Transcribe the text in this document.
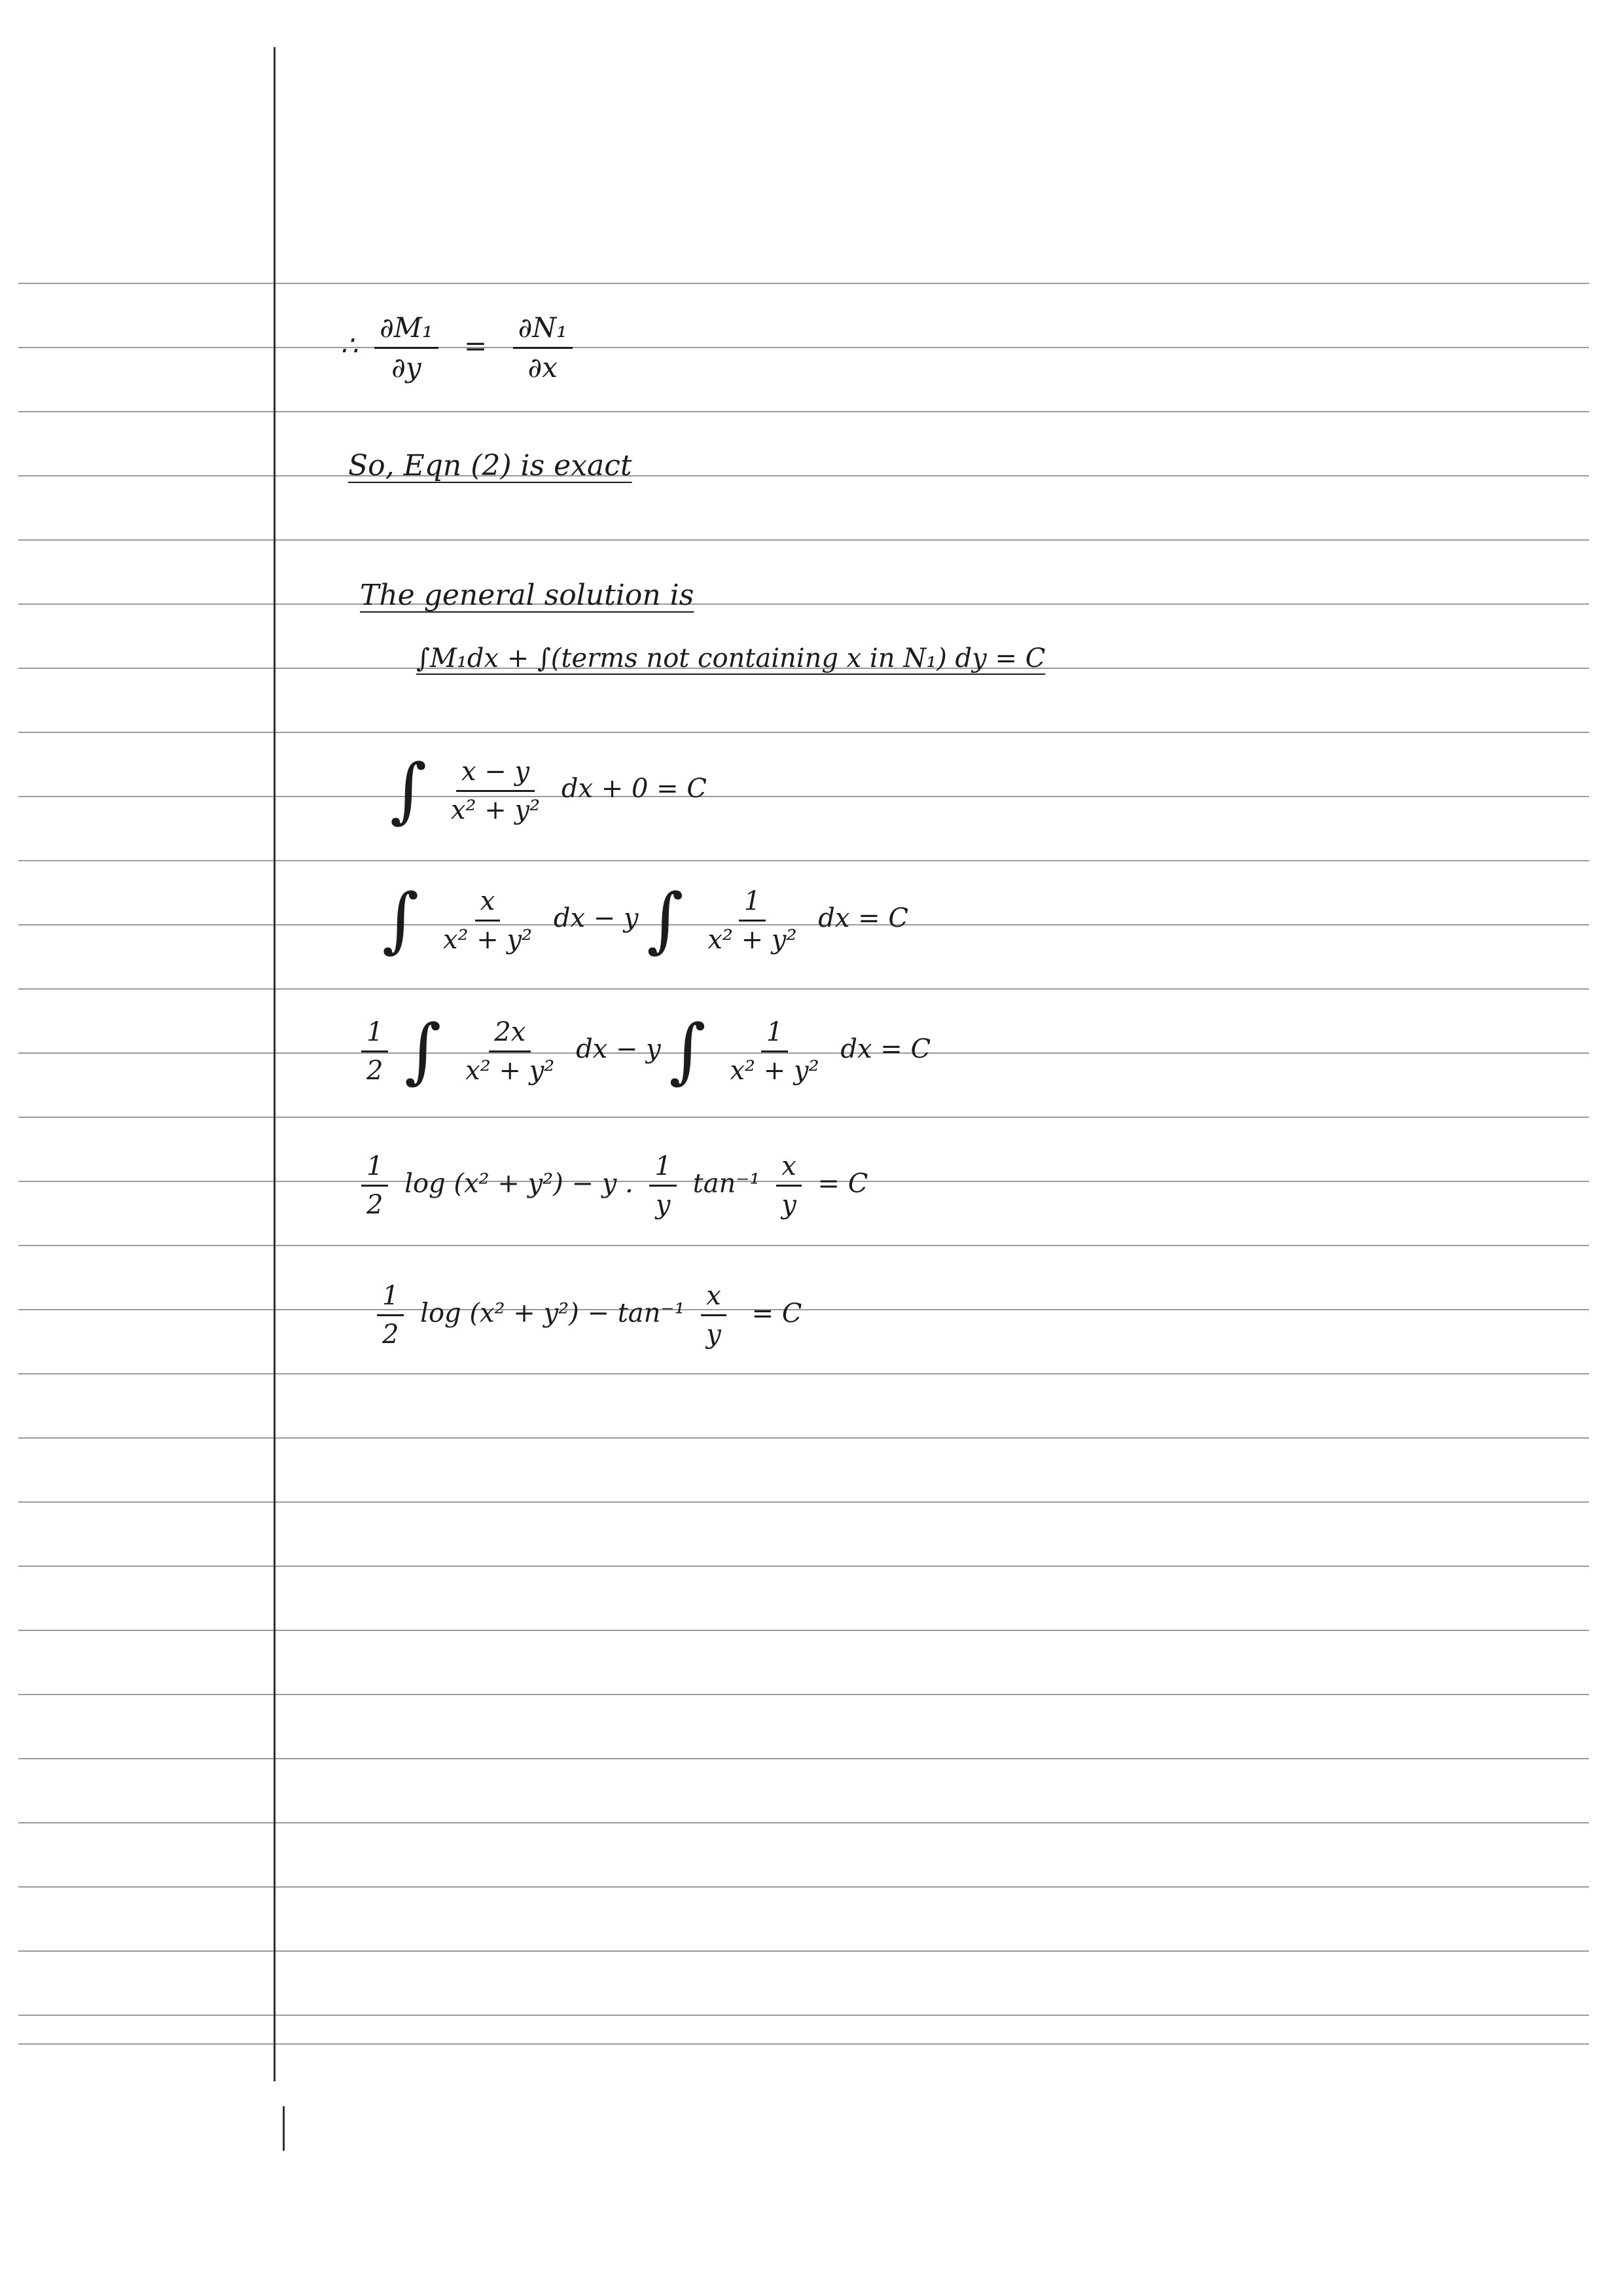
∴ $\frac{\text{∂M₁}}{\partial y} = \frac{\text{∂N₁}}{\partial x}$
So, Eqn (2) is exact
The general solution is
∫M₁dx + ∫(terms not containing x in N₁) dy = C
∫ $\frac{x - y}{\text{x² + y²}}$ dx + 0 = C
∫ $\frac{x}{\text{x² + y²}}$ dx − y ∫ $\frac{1}{\text{x² + y²}}$ dx = C
$\frac{1}{2}$ ∫ $\frac{2x}{\text{x² + y²}}$ dx − y ∫ $\frac{1}{\text{x² + y²}}$ dx = C
$\frac{1}{2}$ log (x² + y²) − y . $\frac{1}{y} \tan^{-1} \frac{x}{y} = C$
$\frac{1}{2}$ $\log (x^2 + y^2) - \tan^{-1} \frac{x}{y} = C$
